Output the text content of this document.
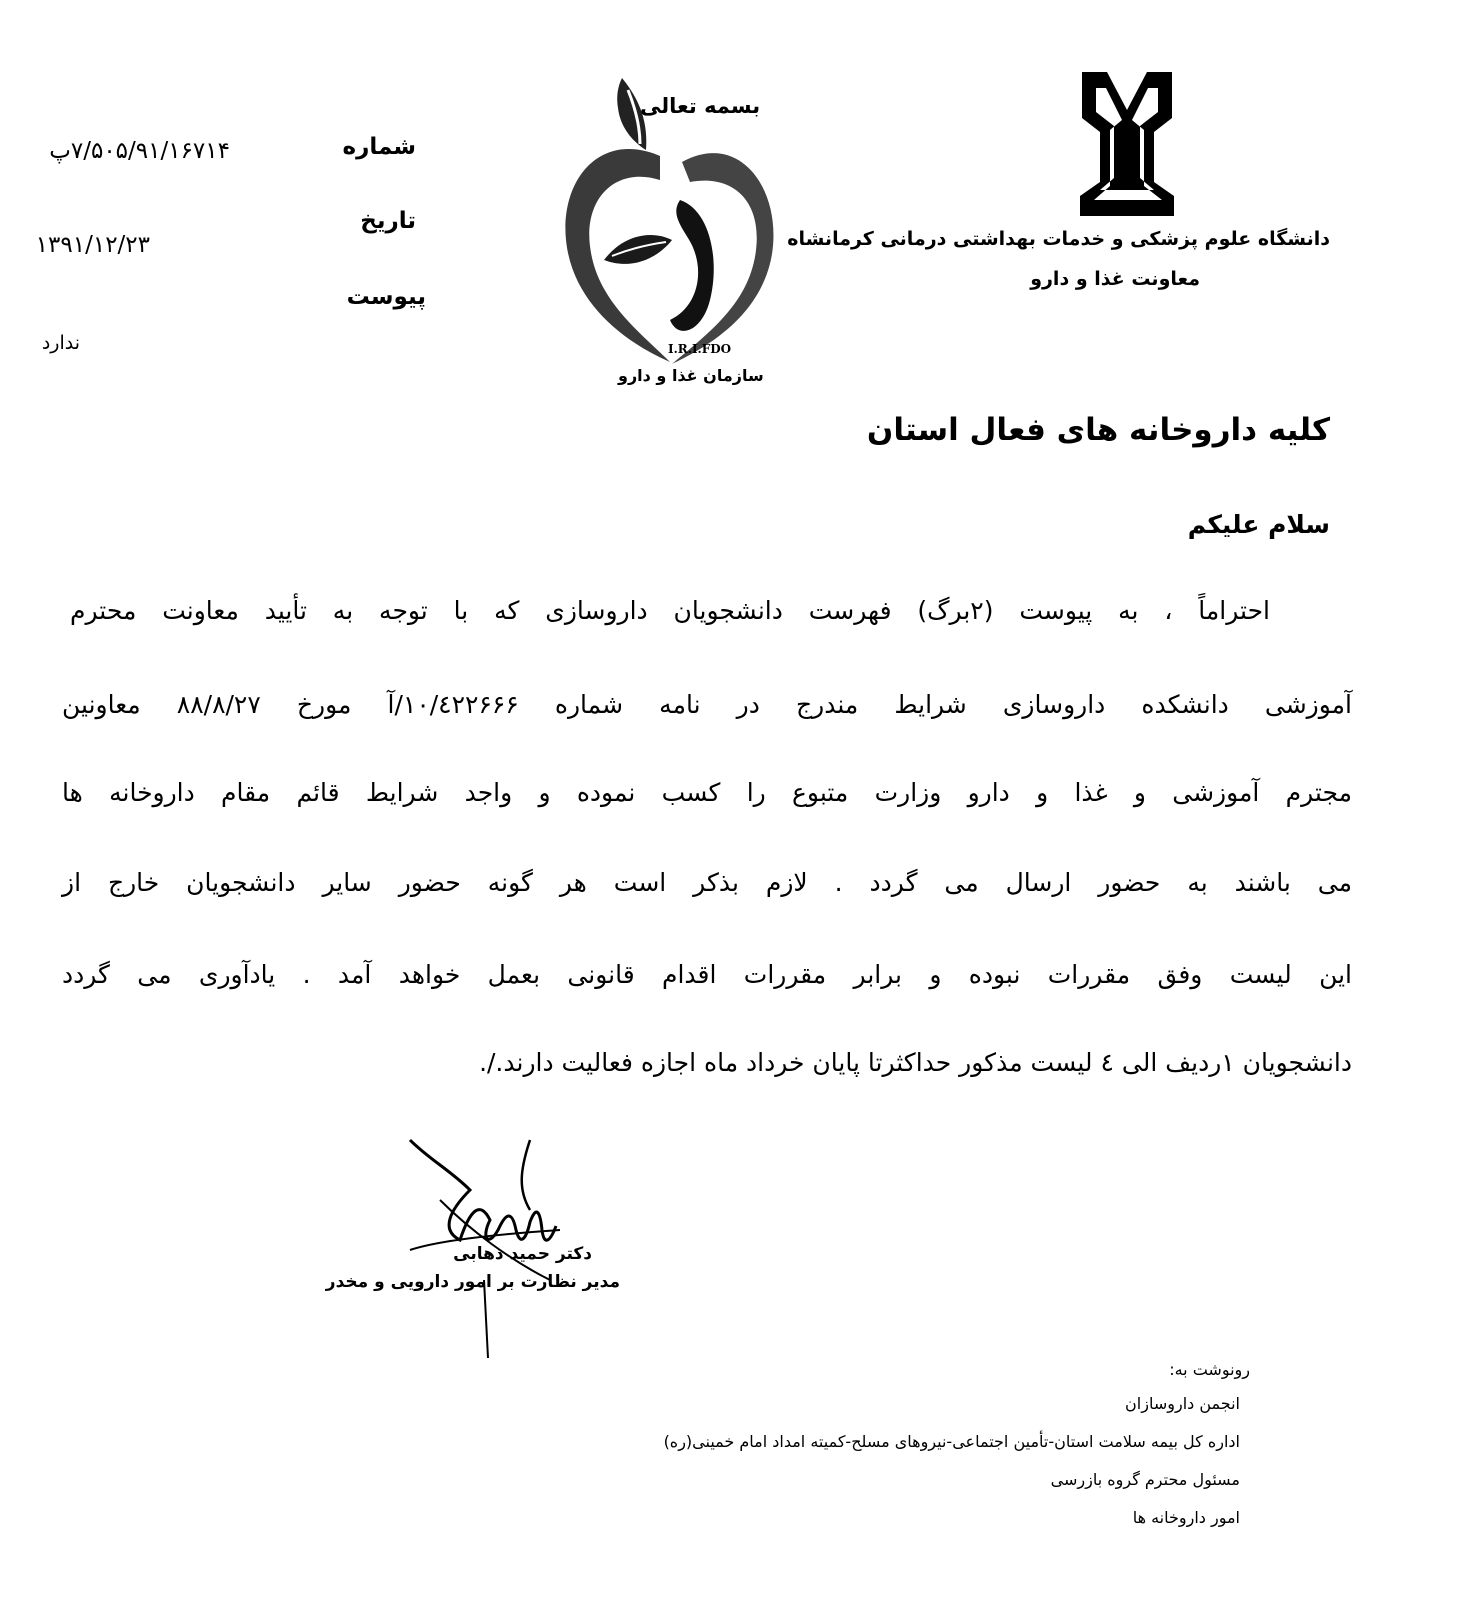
شماره
۷/۵۰۵/۹۱/۱۶۷۱۴پ
تاریخ
۱۳۹۱/۱۲/۲۳
پیوست
ندارد
بسمه تعالی
I.R.I.FDO
سازمان غذا و دارو
دانشگاه علوم پزشکی و خدمات بهداشتی درمانی کرمانشاه
معاونت غذا و دارو
کلیه داروخانه های فعال استان
سلام علیکم
احتراماً ، به پیوست (۲برگ) فهرست دانشجویان داروسازی که با توجه به تأیید معاونت محترم
آموزشی دانشکده داروسازی شرایط مندرج در نامه شماره ۱۰/٤۲۲۶۶۶/آ مورخ ۸۸/۸/۲۷ معاونین
مجترم آموزشی و غذا و دارو وزارت متبوع را کسب نموده و واجد شرایط قائم مقام داروخانه ها
می باشند به حضور ارسال می گردد . لازم بذکر است هر گونه حضور سایر دانشجویان خارج از
این لیست وفق مقررات نبوده و برابر مقررات اقدام قانونی بعمل خواهد آمد . یادآوری می گردد
دانشجویان ۱ردیف الی ٤ لیست مذکور حداکثرتا پایان خرداد ماه اجازه فعالیت دارند./.
دکتر حمید ذهابی
مدیر نظارت بر امور دارویی و مخدر
رونوشت به:
انجمن داروسازان
اداره کل بیمه سلامت استان-تأمین اجتماعی-نیروهای مسلح-کمیته امداد امام خمینی(ره)
مسئول محترم گروه بازرسی
امور داروخانه ها
